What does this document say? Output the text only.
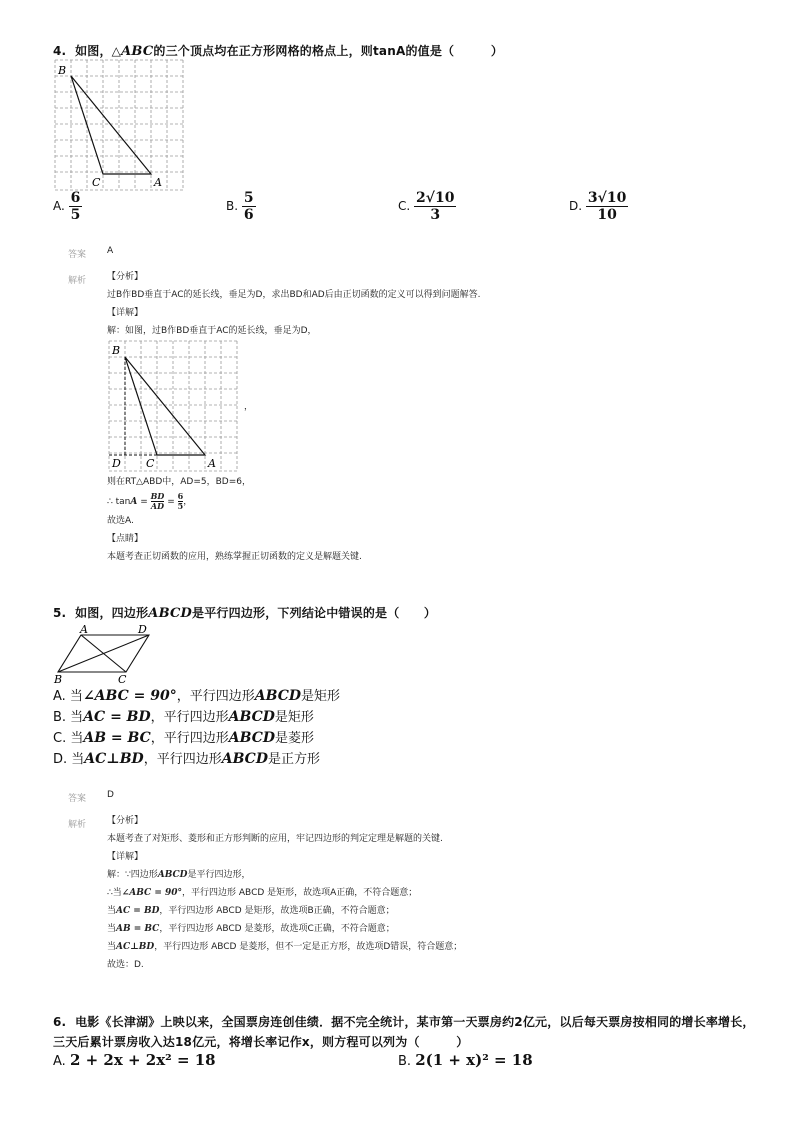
4. 如图，△ABC的三个顶点均在正方形网格的格点上，则tanA的值是（　　　）
B
C	A
A. $\frac{6}{5}$	B. $\frac{5}{6}$	C. $\frac{2√10}{3}$	D. $\frac{3√10}{10}$
答案 A
解析 【分析】
过B作BD垂直于AC的延长线，垂足为D，求出BD和AD后由正切函数的定义可以得到问题解答.
【详解】
解：如图，过B作BD垂直于AC的延长线，垂足为D，
B
D C	A
，
则在RT△ABD中，AD=5，BD=6，
∴ $\tan A = \frac{BD}{AD} = \frac{6}{5}$ ，
故选A.
【点睛】
本题考查正切函数的应用，熟练掌握正切函数的定义是解题关键.
5. 如图，四边形ABCD是平行四边形，下列结论中错误的是（　　）
A	D
B	C
A. 当∠ABC = 90°，平行四边形ABCD是矩形
B. 当AC = BD，平行四边形ABCD是矩形
C. 当AB = BC，平行四边形ABCD是菱形
D. 当AC⊥BD，平行四边形ABCD是正方形
答案 D
解析 【分析】
本题考查了对矩形、菱形和正方形判断的应用，牢记四边形的判定定理是解题的关键.
【详解】
解：∵四边形ABCD是平行四边形，
∴当∠ABC = 90°，平行四边形 ABCD 是矩形，故选项A正确，不符合题意；
当AC = BD，平行四边形 ABCD 是矩形，故选项B正确，不符合题意；
当AB = BC，平行四边形 ABCD 是菱形，故选项C正确，不符合题意；
当AC⊥BD，平行四边形 ABCD 是菱形，但不一定是正方形，故选项D错误，符合题意；
故选：D.
6. 电影《长津湖》上映以来，全国票房连创佳绩．据不完全统计，某市第一天票房约2亿元，以后每天票房按相同的增长率增长，
三天后累计票房收入达18亿元，将增长率记作x，则方程可以列为（　　　）
A. 2 + 2x + 2x² = 18	B. 2(1 + x)² = 18
